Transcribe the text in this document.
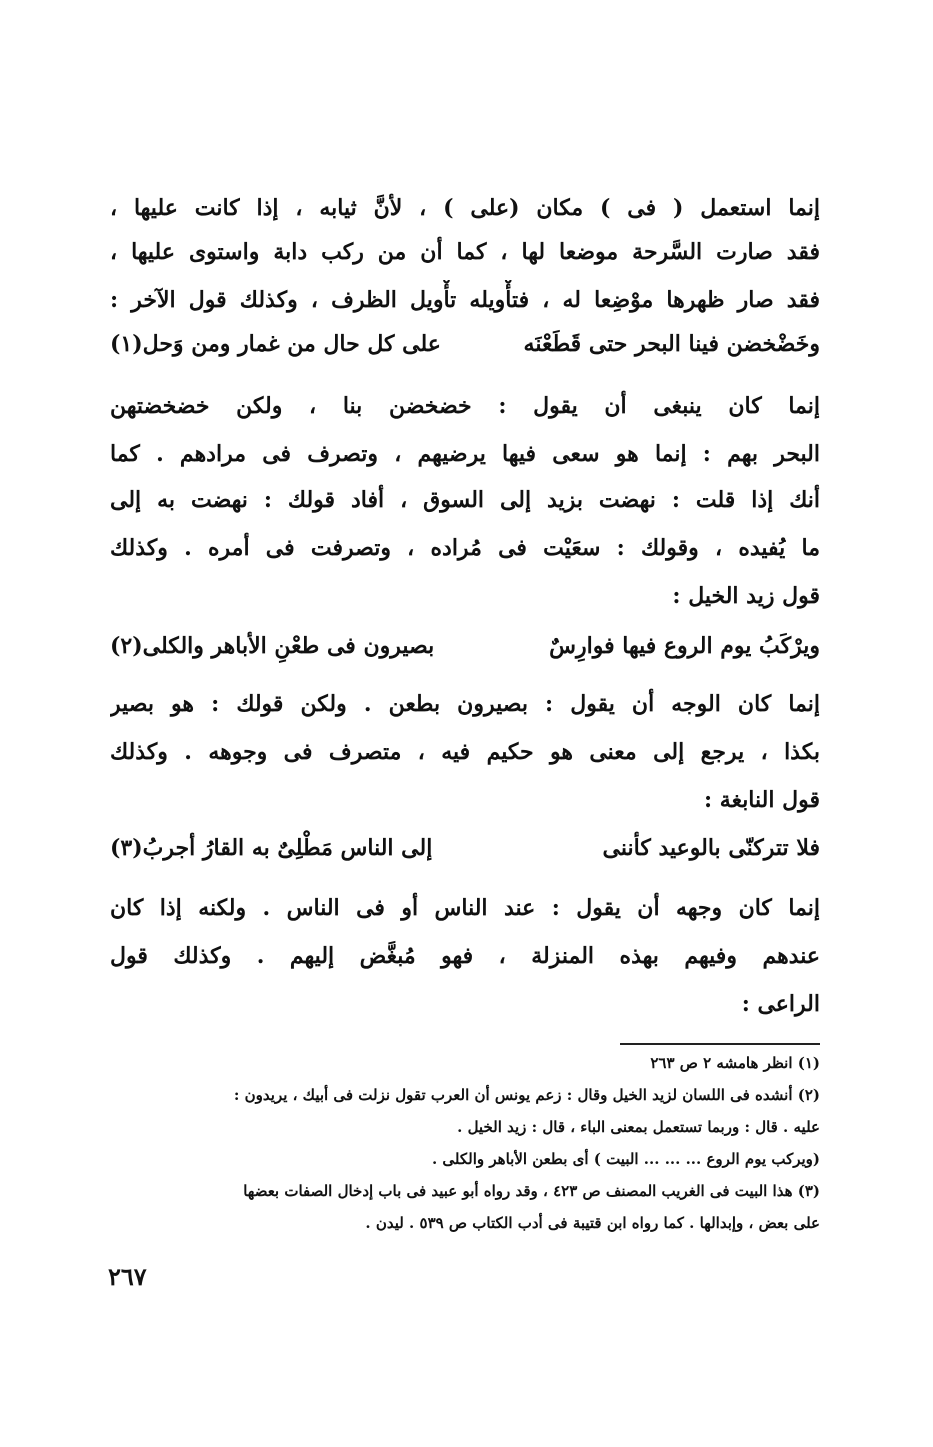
إنما استعمل ( فى ) مكان (على ) ، لأنَّ ثيابه ، إذا كانت عليها ،
فقد صارت السَّرحة موضعا لها ، كما أن من ركب دابة واستوى عليها ،
فقد صار ظهرها موْضِعا له ، فتأْويله تأْويل الظرف ، وكذلك قول الآخر :
وخَضْخضن فينا البحر حتى قَطَعْنَه
على كل حال من غمار ومن وَحل(١)
إنما كان ينبغى أن يقول : خضخضن بنا ، ولكن خضخضتهن
البحر بهم : إنما هو سعى فيها يرضيهم ، وتصرف فى مرادهم . كما
أنك إذا قلت : نهضت بزيد إلى السوق ، أفاد قولك : نهضت به إلى
ما يُفيده ، وقولك : سعَيْت فى مُراده ، وتصرفت فى أمره . وكذلك
قول زيد الخيل :
ويرْكَبُ يوم الروع فيها فوارِسٌ
بصيرون فى طعْنِ الأباهر والكلى(٢)
إنما كان الوجه أن يقول : بصيرون بطعن . ولكن قولك : هو بصير
بكذا ، يرجع إلى معنى هو حكيم فيه ، متصرف فى وجوهه . وكذلك
قول النابغة :
فلا تتركنّى بالوعيد كأننى
إلى الناس مَطْلِىٌ به القارُ أجربُ(٣)
إنما كان وجهه أن يقول : عند الناس أو فى الناس . ولكنه إذا كان
عندهم وفيهم بهذه المنزلة ، فهو مُبغَّض إليهم . وكذلك قول
الراعى :
(١) انظر هامشه ٢ ص ٢٦٣
(٢) أنشده فى اللسان لزيد الخيل وقال : زعم يونس أن العرب تقول نزلت فى أبيك ، يريدون :
عليه . قال : وربما تستعمل بمعنى الباء ، قال : زيد الخيل .
(ويركب يوم الروع ... ... ... البيت ) أى بطعن الأباهر والكلى .
(٣) هذا البيت فى الغريب المصنف ص ٤٢٣ ، وقد رواه أبو عبيد فى باب إدخال الصفات بعضها
على بعض ، وإبدالها . كما رواه ابن قتيبة فى أدب الكتاب ص ٥٣٩ . ليدن .
٢٦٧
